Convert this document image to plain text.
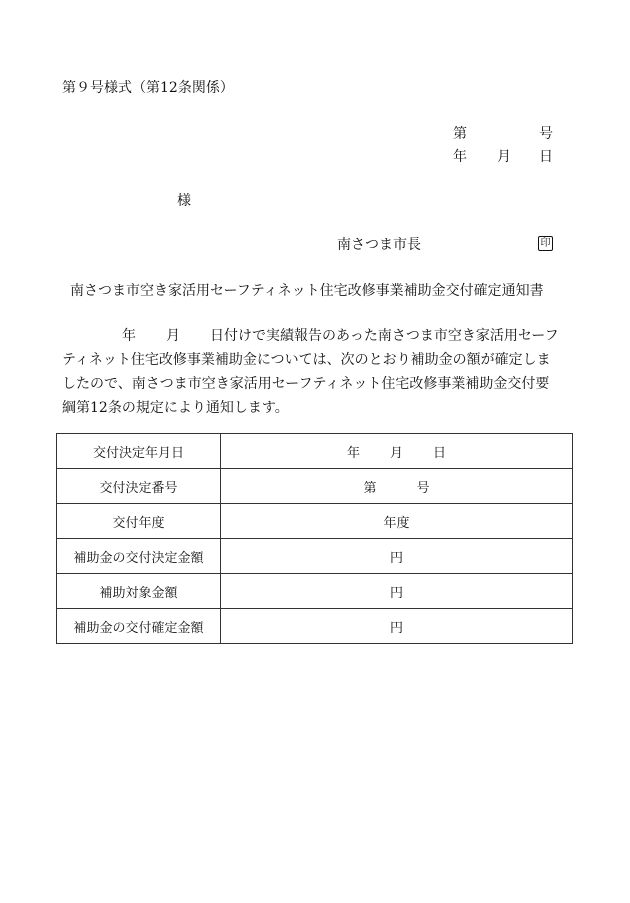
第９号様式（第12条関係）
第	号
年 月 日
様
南さつま市長	印
南さつま市空き家活用セーフティネット住宅改修事業補助金交付確定通知書
年 月 日付けで実績報告のあった南さつま市空き家活用セーフ
ティネット住宅改修事業補助金については、次のとおり補助金の額が確定しま
したので、南さつま市空き家活用セーフティネット住宅改修事業補助金交付要
綱第12条の規定により通知します。
交付決定年月日	年 月 日
交付決定番号	第 号
交付年度	年度
補助金の交付決定金額	円
補助対象金額	円
補助金の交付確定金額	円
